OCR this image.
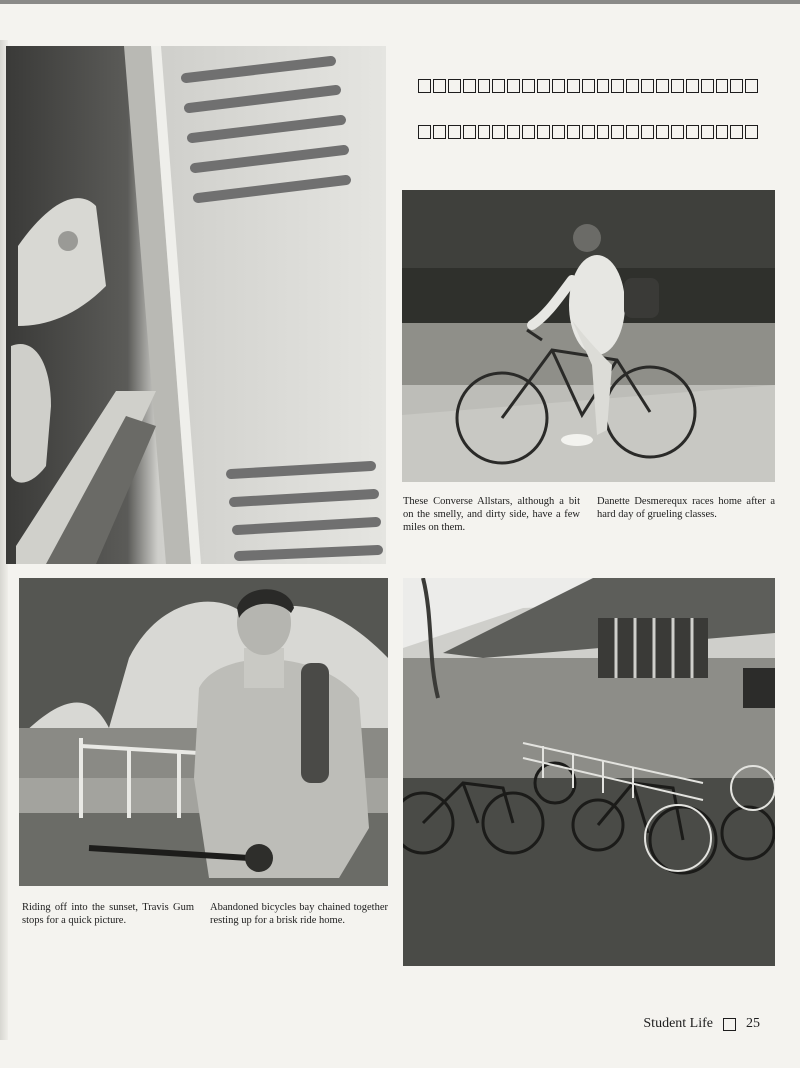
These Converse Allstars, although a bit on the smelly, and dirty side, have a few miles on them.

Danette Desmerequx races home after a hard day of grueling classes.

Riding off into the sunset, Travis Gum stops for a quick picture.

Abandoned bicycles bay chained together resting up for a brisk ride home.

Student Life 25
